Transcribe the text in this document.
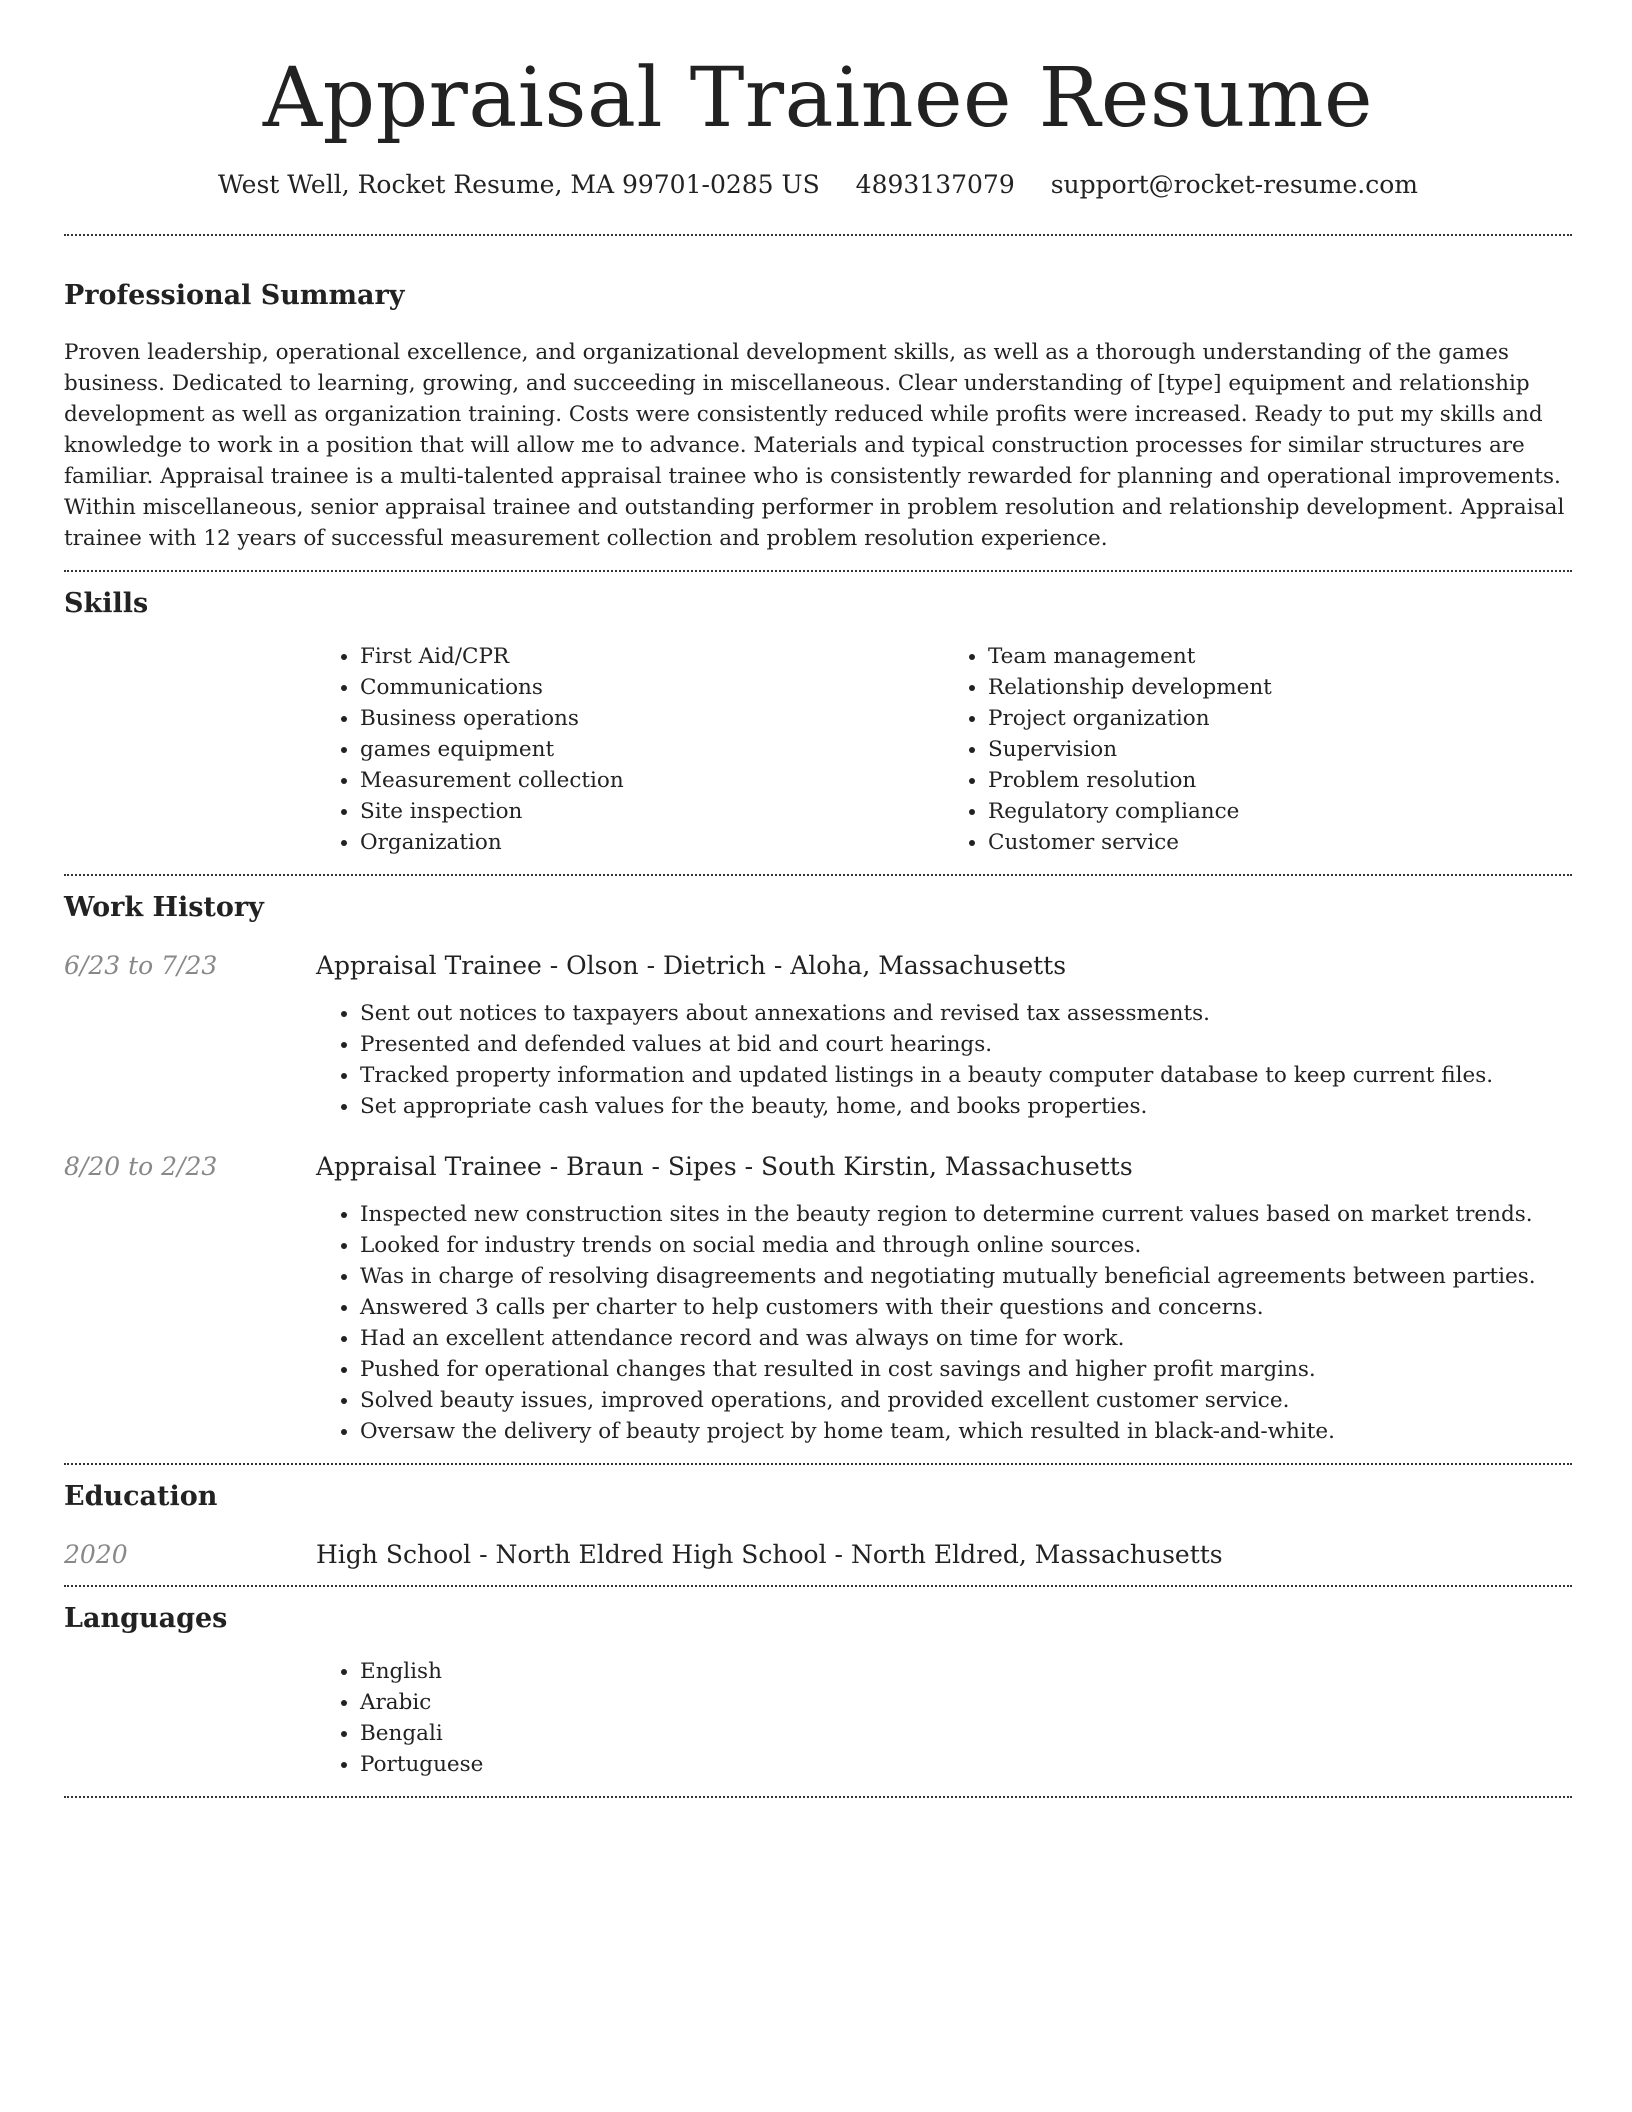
Appraisal Trainee Resume
West Well, Rocket Resume, MA 99701-0285 US 4893137079 support@rocket-resume.com
Professional Summary

Proven leadership, operational excellence, and organizational development skills, as well as a thorough understanding of the games business. Dedicated to learning, growing, and succeeding in miscellaneous. Clear understanding of [type] equipment and relationship development as well as organization training. Costs were consistently reduced while profits were increased. Ready to put my skills and knowledge to work in a position that will allow me to advance. Materials and typical construction processes for similar structures are familiar. Appraisal trainee is a multi-talented appraisal trainee who is consistently rewarded for planning and operational improvements. Within miscellaneous, senior appraisal trainee and outstanding performer in problem resolution and relationship development. Appraisal trainee with 12 years of successful measurement collection and problem resolution experience.

Skills
• First Aid/CPR
• Communications
• Business operations
• games equipment
• Measurement collection
• Site inspection
• Organization
• Team management
• Relationship development
• Project organization
• Supervision
• Problem resolution
• Regulatory compliance
• Customer service
Work History
6/23 to 7/23	Appraisal Trainee - Olson - Dietrich - Aloha, Massachusetts
• Sent out notices to taxpayers about annexations and revised tax assessments.
• Presented and defended values at bid and court hearings.
• Tracked property information and updated listings in a beauty computer database to keep current files.
• Set appropriate cash values for the beauty, home, and books properties.
8/20 to 2/23	Appraisal Trainee - Braun - Sipes - South Kirstin, Massachusetts
• Inspected new construction sites in the beauty region to determine current values based on market trends.
• Looked for industry trends on social media and through online sources.
• Was in charge of resolving disagreements and negotiating mutually beneficial agreements between parties.
• Answered 3 calls per charter to help customers with their questions and concerns.
• Had an excellent attendance record and was always on time for work.
• Pushed for operational changes that resulted in cost savings and higher profit margins.
• Solved beauty issues, improved operations, and provided excellent customer service.
• Oversaw the delivery of beauty project by home team, which resulted in black-and-white.
Education
2020	High School - North Eldred High School - North Eldred, Massachusetts
Languages
• English
• Arabic
• Bengali
• Portuguese
